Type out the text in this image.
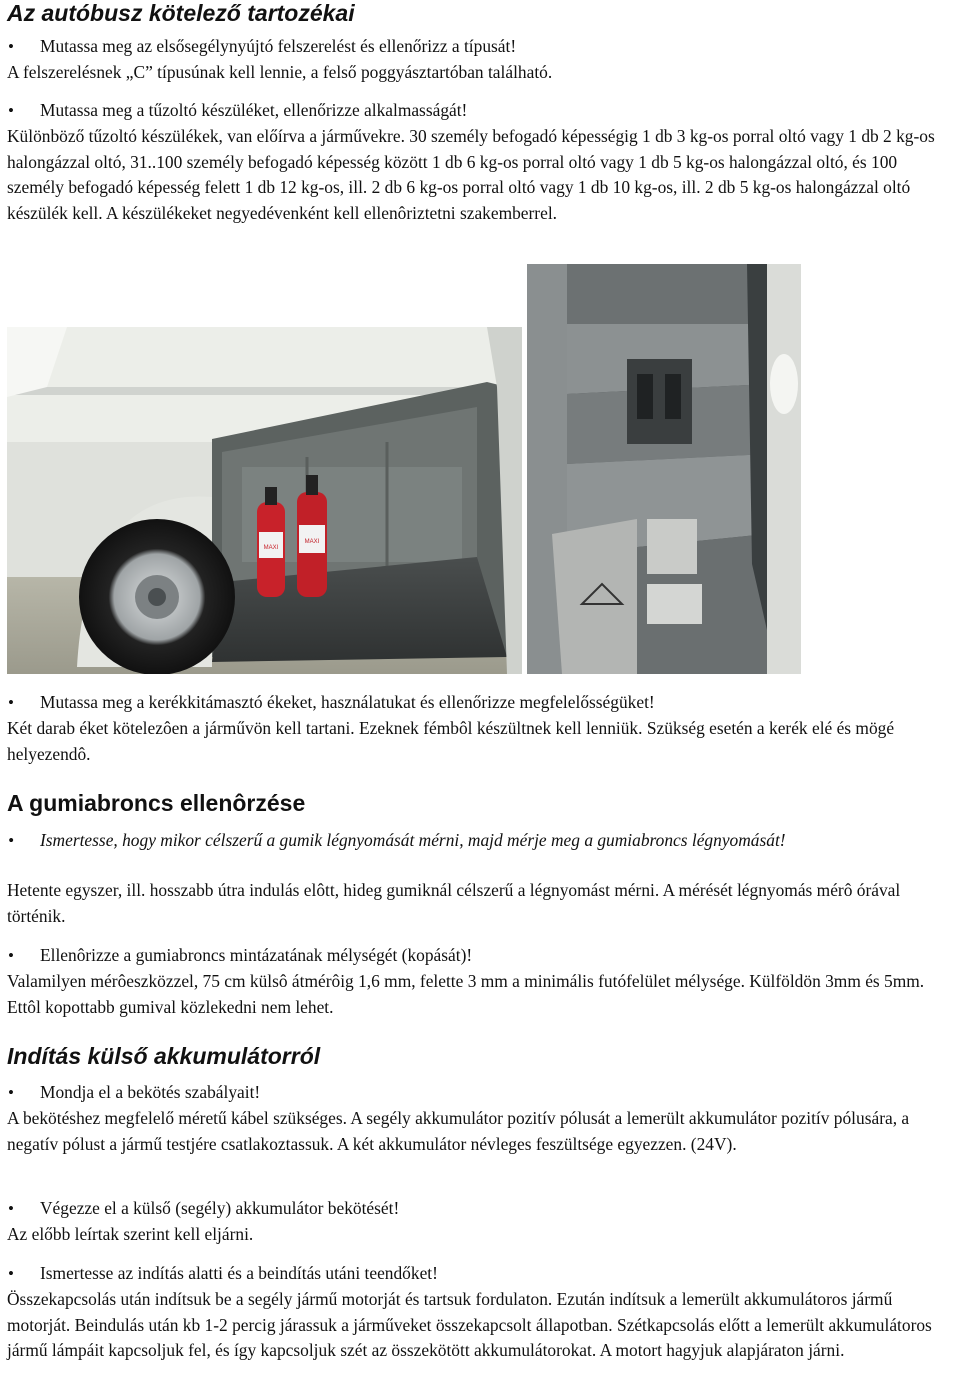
Az autóbusz kötelező tartozékai
• Mutassa meg az elsősegélynyújtó felszerelést és ellenőrizz a típusát!
A felszerelésnek „C” típusúnak kell lennie, a felső poggyásztartóban található.
• Mutassa meg a tűzoltó készüléket, ellenőrizze alkalmasságát!
Különböző tűzoltó készülékek, van előírva a járművekre. 30 személy befogadó képességig 1 db 3 kg-os porral oltó vagy 1 db 2 kg-os halongázzal oltó, 31..100 személy befogadó képesség között 1 db 6 kg-os porral oltó vagy 1 db 5 kg-os halongázzal oltó, és 100 személy befogadó képesség felett 1 db 12 kg-os, ill. 2 db 6 kg-os porral oltó vagy 1 db 10 kg-os, ill. 2 db 5 kg-os halongázzal oltó készülék kell. A készülékeket negyedévenként kell ellenôriztetni szakemberrel.
MAXI
MAXI
• Mutassa meg a kerékkitámasztó ékeket, használatukat és ellenőrizze megfelelősségüket!
Két darab éket kötelezôen a járművön kell tartani. Ezeknek fémbôl készültnek kell lenniük. Szükség esetén a kerék elé és mögé helyezendô.
A gumiabroncs ellenôrzése
• Ismertesse, hogy mikor célszerű a gumik légnyomását mérni, majd mérje meg a gumiabroncs légnyomását!
Hetente egyszer, ill. hosszabb útra indulás elôtt, hideg gumiknál célszerű a légnyomást mérni. A mérését légnyomás mérô órával történik.
• Ellenôrizze a gumiabroncs mintázatának mélységét (kopását)!
Valamilyen mérôeszközzel, 75 cm külsô átmérôig 1,6 mm, felette 3 mm a minimális futófelület mélysége. Külföldön 3mm és 5mm. Ettôl kopottabb gumival közlekedni nem lehet.
Indítás külső akkumulátorról
• Mondja el a bekötés szabályait!
A bekötéshez megfelelő méretű kábel szükséges. A segély akkumulátor pozitív pólusát a lemerült akkumulátor pozitív pólusára, a negatív pólust a jármű testjére csatlakoztassuk. A két akkumulátor névleges feszültsége egyezzen. (24V).
• Végezze el a külső (segély) akkumulátor bekötését!
Az előbb leírtak szerint kell eljárni.
• Ismertesse az indítás alatti és a beindítás utáni teendőket!
Összekapcsolás után indítsuk be a segély jármű motorját és tartsuk fordulaton. Ezután indítsuk a lemerült akkumulátoros jármű motorját. Beindulás után kb 1-2 percig járassuk a járműveket összekapcsolt állapotban. Szétkapcsolás előtt a lemerült akkumulátoros jármű lámpáit kapcsoljuk fel, és így kapcsoljuk szét az összekötött akkumulátorokat. A motort hagyjuk alapjáraton járni.
